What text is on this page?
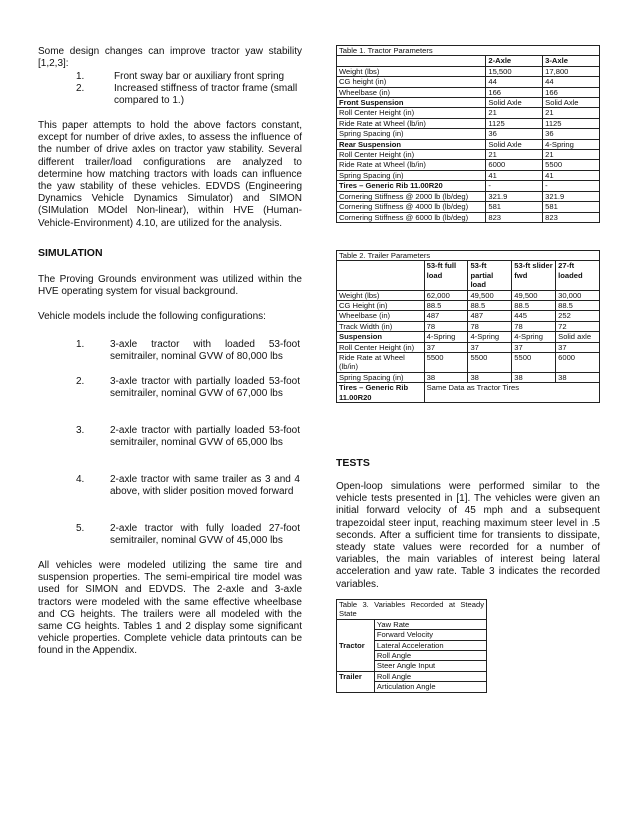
Some design changes can improve tractor yaw stability [1,2,3]:

1.	Front sway bar or auxiliary front spring
2.	Increased stiffness of tractor frame (small compared to 1.)

This paper attempts to hold the above factors constant, except for number of drive axles, to assess the influence of the number of drive axles on tractor yaw stability. Several different trailer/load configurations are analyzed to determine how matching tractors with loads can influence the yaw stability of these vehicles. EDVDS (Engineering Dynamics Vehicle Dynamics Simulator) and SIMON (SIMulation MOdel Non-linear), within HVE (Human-Vehicle-Environment) 4.10, are utilized for the analysis.

SIMULATION

The Proving Grounds environment was utilized within the HVE operating system for visual background.

Vehicle models include the following configurations:

1.	3-axle tractor with loaded 53-foot semitrailer, nominal GVW of 80,000 lbs
2.	3-axle tractor with partially loaded 53-foot semitrailer, nominal GVW of 67,000 lbs
3.	2-axle tractor with partially loaded 53-foot semitrailer, nominal GVW of 65,000 lbs
4.	2-axle tractor with same trailer as 3 and 4 above, with slider position moved forward
5.	2-axle tractor with fully loaded 27-foot semitrailer, nominal GVW of 45,000 lbs

All vehicles were modeled utilizing the same tire and suspension properties. The semi-empirical tire model was used for SIMON and EDVDS. The 2-axle and 3-axle tractors were modeled with the same effective wheelbase and CG heights. The trailers were all modeled with the same CG heights. Tables 1 and 2 display some significant vehicle properties. Complete vehicle data printouts can be found in the Appendix.

Table 1. Tractor Parameters		
	2-Axle	3-Axle
Weight (lbs)	15,500	17,800
CG height (in)	44	44
Wheelbase (in)	166	166
Front Suspension	Solid Axle	Solid Axle
Roll Center Height (in)	21	21
Ride Rate at Wheel (lb/in)	1125	1125
Spring Spacing (in)	36	36
Rear Suspension	Solid Axle	4-Spring
Roll Center Height (in)	21	21
Ride Rate at Wheel (lb/in)	6000	5500
Spring Spacing (in)	41	41
Tires – Generic Rib 11.00R20	-	-
Cornering Stiffness @ 2000 lb (lb/deg)	321.9	321.9
Cornering Stiffness @ 4000 lb (lb/deg)	581	581
Cornering Stiffness @ 6000 lb (lb/deg)	823	823
Table 2. Trailer Parameters				
	53-ft full load	53-ft partial load	53-ft slider fwd	27-ft loaded
Weight (lbs)	62,000	49,500	49,500	30,000
CG Height (in)	88.5	88.5	88.5	88.5
Wheelbase (in)	487	487	445	252
Track Width (in)	78	78	78	72
Suspension	4-Spring	4-Spring	4-Spring	Solid axle
Roll Center Height (in)	37	37	37	37
Ride Rate at Wheel (lb/in)	5500	5500	5500	6000
Spring Spacing (in)	38	38	38	38
Tires – Generic Rib 11.00R20	Same Data as Tractor Tires			

TESTS

Open-loop simulations were performed similar to the vehicle tests presented in [1]. The vehicles were given an initial forward velocity of 45 mph and a subsequent trapezoidal steer input, reaching maximum steer level in .5 seconds. After a sufficient time for transients to dissipate, steady state values were recorded for a number of variables, the main variables of interest being lateral acceleration and yaw rate. Table 3 indicates the recorded variables.

Table 3. Variables Recorded at Steady State	
Tractor	Yaw Rate
	Forward Velocity
	Lateral Acceleration
	Roll Angle
	Steer Angle Input
Trailer	Roll Angle
	Articulation Angle
